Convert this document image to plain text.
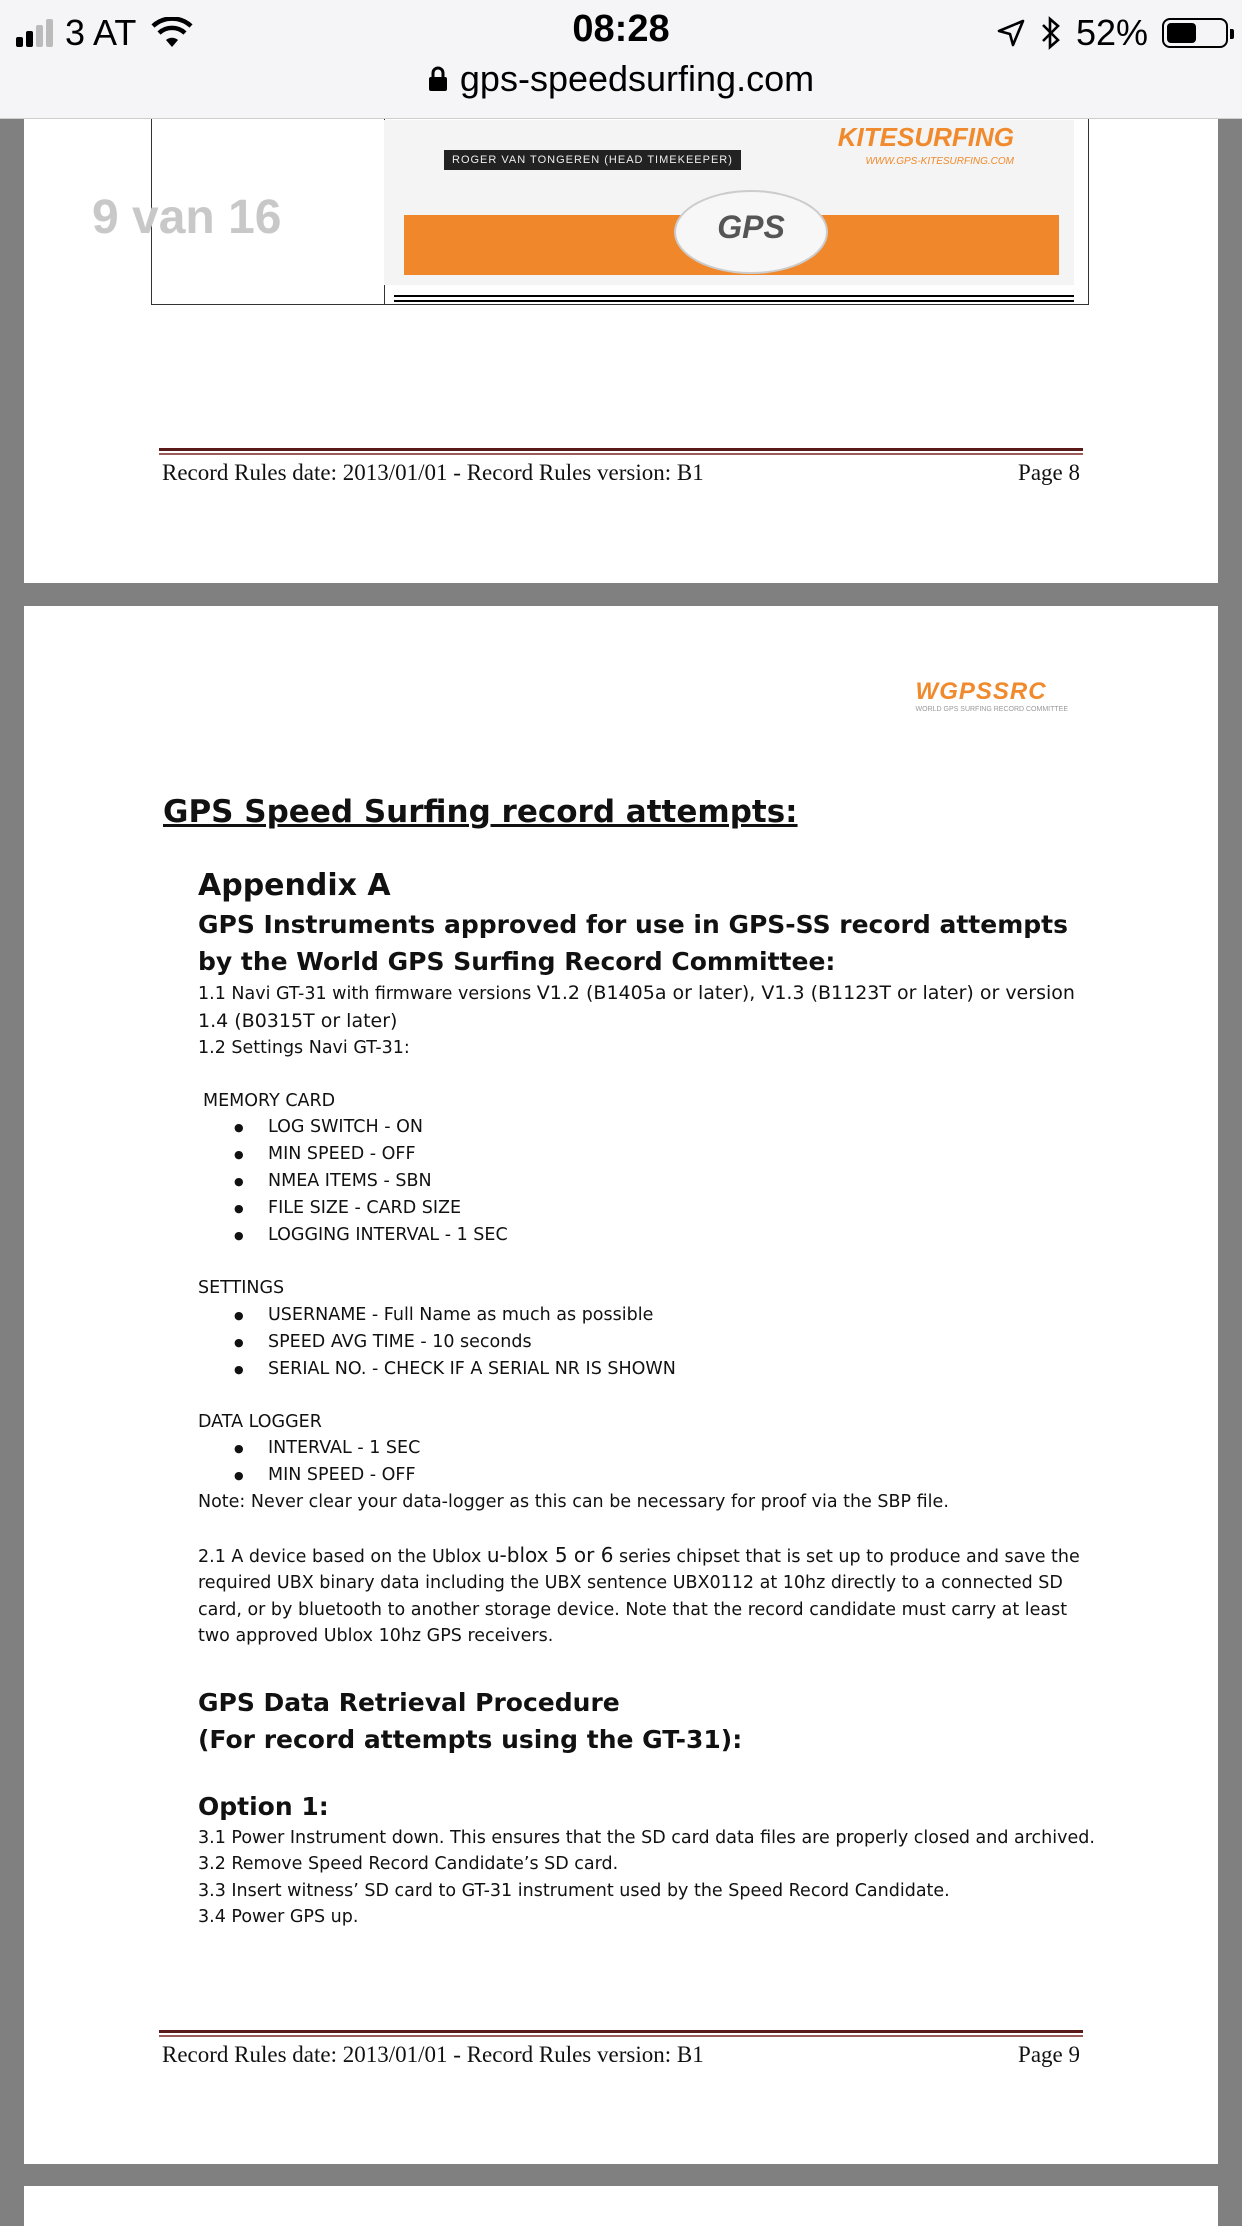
3 AT	08:28	52%
gps-speedsurfing.com
ROGER VAN TONGEREN (HEAD TIMEKEEPER)
KITESURFING
WWW.GPS-KITESURFING.COM
GPS
9 van 16
Record Rules date: 2013/01/01 - Record Rules version: B1	Page 8
WGPSSRC
WORLD GPS SURFING RECORD COMMITTEE
GPS Speed Surfing record attempts:

Appendix A

GPS Instruments approved for use in GPS-SS record attempts by the World GPS Surfing Record Committee:

1.1 Navi GT-31 with firmware versions V1.2 (B1405a or later), V1.3 (B1123T or later) or version 1.4 (B0315T or later)

1.2 Settings Navi GT-31:

MEMORY CARD

● LOG SWITCH - ON
● MIN SPEED - OFF
● NMEA ITEMS - SBN
● FILE SIZE - CARD SIZE
● LOGGING INTERVAL - 1 SEC

SETTINGS

● USERNAME - Full Name as much as possible
● SPEED AVG TIME - 10 seconds
● SERIAL NO. - CHECK IF A SERIAL NR IS SHOWN

DATA LOGGER

● INTERVAL - 1 SEC
● MIN SPEED - OFF

Note: Never clear your data-logger as this can be necessary for proof via the SBP file.

2.1 A device based on the Ublox u-blox 5 or 6 series chipset that is set up to produce and save the required UBX binary data including the UBX sentence UBX0112 at 10hz directly to a connected SD card, or by bluetooth to another storage device. Note that the record candidate must carry at least two approved Ublox 10hz GPS receivers.

GPS Data Retrieval Procedure

(For record attempts using the GT-31):

Option 1:

3.1 Power Instrument down. This ensures that the SD card data files are properly closed and archived.

3.2 Remove Speed Record Candidate’s SD card.

3.3 Insert witness’ SD card to GT-31 instrument used by the Speed Record Candidate.

3.4 Power GPS up.

Record Rules date: 2013/01/01 - Record Rules version: B1	Page 9
